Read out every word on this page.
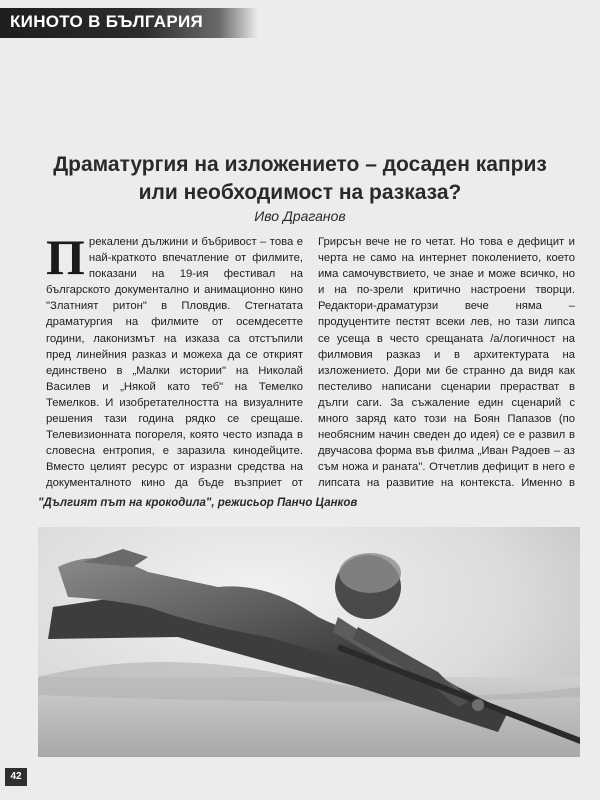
КИНОТО В БЪЛГАРИЯ
Драматургия на изложението – досаден каприз
или необходимост на разказа?
Иво Драганов
Прекалени дължини и бъбривост – това е най-краткото впечатление от филмите, показани на 19-ия фестивал на българското документално и анимационно кино "Златният ритон" в Пловдив. Стегнатата драматургия на филмите от осемдесетте години, лаконизмът на изказа са отстъпили пред линейния разказ и можеха да се открият единствено в „Малки истории" на Николай Василев и „Някой като теб" на Темелко Темелков. И изобретателността на визуалните решения тази година рядко се срещаше. Телевизионната погореля, която често изпада в словесна ентропия, е заразила кинодейците. Вместо целият ресурс от изразни средства на документалното кино да бъде възприет от
Грирсън вече не го четат. Но това е дефицит и черта не само на интернет поколението, което има самочувствието, че знае и може всичко, но и на по-зрели критично настроени творци. Редактори-драматурзи вече няма – продуцентите пестят всеки лев, но тази липса се усеща в често срещаната /а/логичност на филмовия разказ и в архитектурата на изложението. Дори ми бе странно да видя как пестеливо написани сценарии прерастват в дълги саги. За съжаление един сценарий с много заряд като този на Боян Папазов (по необясним начин сведен до идея) се е развил в двучасова форма във филма „Иван Радоев – аз съм ножа и раната". Отчетлив дефицит в него е липсата на развитие на контекста. Именно в
"Дългият път на крокодила", режисьор Панчо Цанков
42
